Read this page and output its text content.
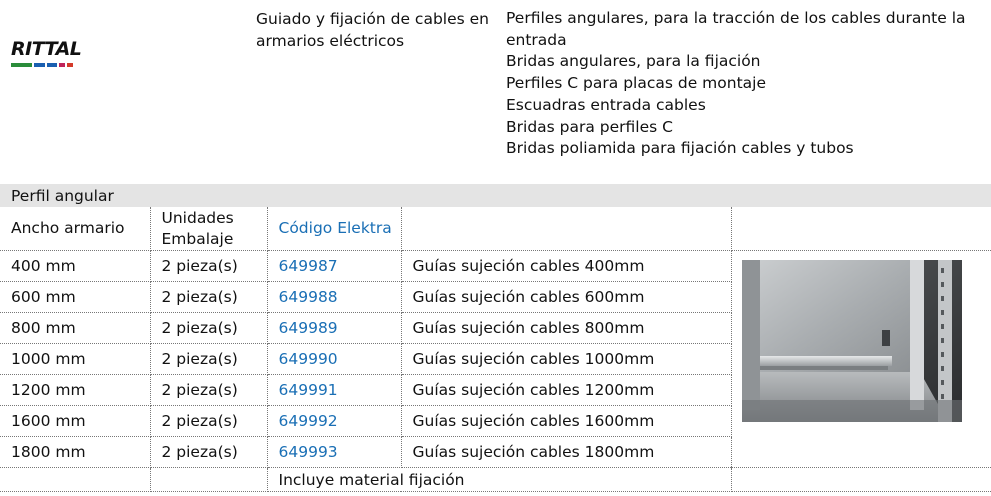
RITTAL
Guiado y fijación de cables en armarios eléctricos
Perfiles angulares, para la tracción de los cables durante la entrada
Bridas angulares, para la fijación
Perfiles C para placas de montaje
Escuadras entrada cables
Bridas para perfiles C
Bridas poliamida para fijación cables y tubos
Perfil angular
Ancho armario	Unidades Embalaje	Código Elektra		
400 mm	2 pieza(s)	649987	Guías sujeción cables 400mm	

600 mm	2 pieza(s)	649988	Guías sujeción cables 600mm	
800 mm	2 pieza(s)	649989	Guías sujeción cables 800mm	
1000 mm	2 pieza(s)	649990	Guías sujeción cables 1000mm	
1200 mm	2 pieza(s)	649991	Guías sujeción cables 1200mm	
1600 mm	2 pieza(s)	649992	Guías sujeción cables 1600mm	
1800 mm	2 pieza(s)	649993	Guías sujeción cables 1800mm	
		Incluye material fijación		
